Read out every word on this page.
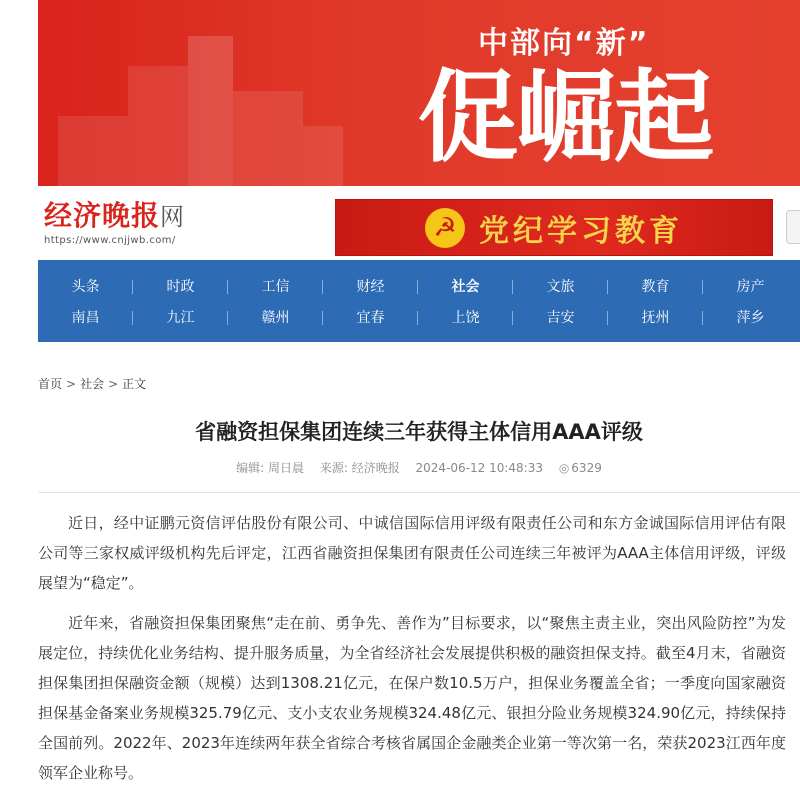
中部向“新”
促崛起
经济晚报网
https://www.cnjjwb.com/	☭ 党纪学习教育
头条	时政	工信	财经	社会	文旅	教育	房产
南昌	九江	赣州	宜春	上饶	吉安	抚州	萍乡
首页 > 社会 > 正文
省融资担保集团连续三年获得主体信用AAA评级
编辑: 周日晨 来源: 经济晚报 2024-06-12 10:48:33 ◎ 6329

近日，经中证鹏元资信评估股份有限公司、中诚信国际信用评级有限责任公司和东方金诚国际信用评估有限公司等三家权威评级机构先后评定，江西省融资担保集团有限责任公司连续三年被评为AAA主体信用评级，评级展望为“稳定”。

近年来，省融资担保集团聚焦“走在前、勇争先、善作为”目标要求，以“聚焦主责主业，突出风险防控”为发展定位，持续优化业务结构、提升服务质量，为全省经济社会发展提供积极的融资担保支持。截至4月末，省融资担保集团担保融资金额（规模）达到1308.21亿元，在保户数10.5万户，担保业务覆盖全省；一季度向国家融资担保基金备案业务规模325.79亿元、支小支农业务规模324.48亿元、银担分险业务规模324.90亿元，持续保持全国前列。2022年、2023年连续两年获全省综合考核省属国企金融类企业第一等次第一名，荣获2023江西年度领军企业称号。
